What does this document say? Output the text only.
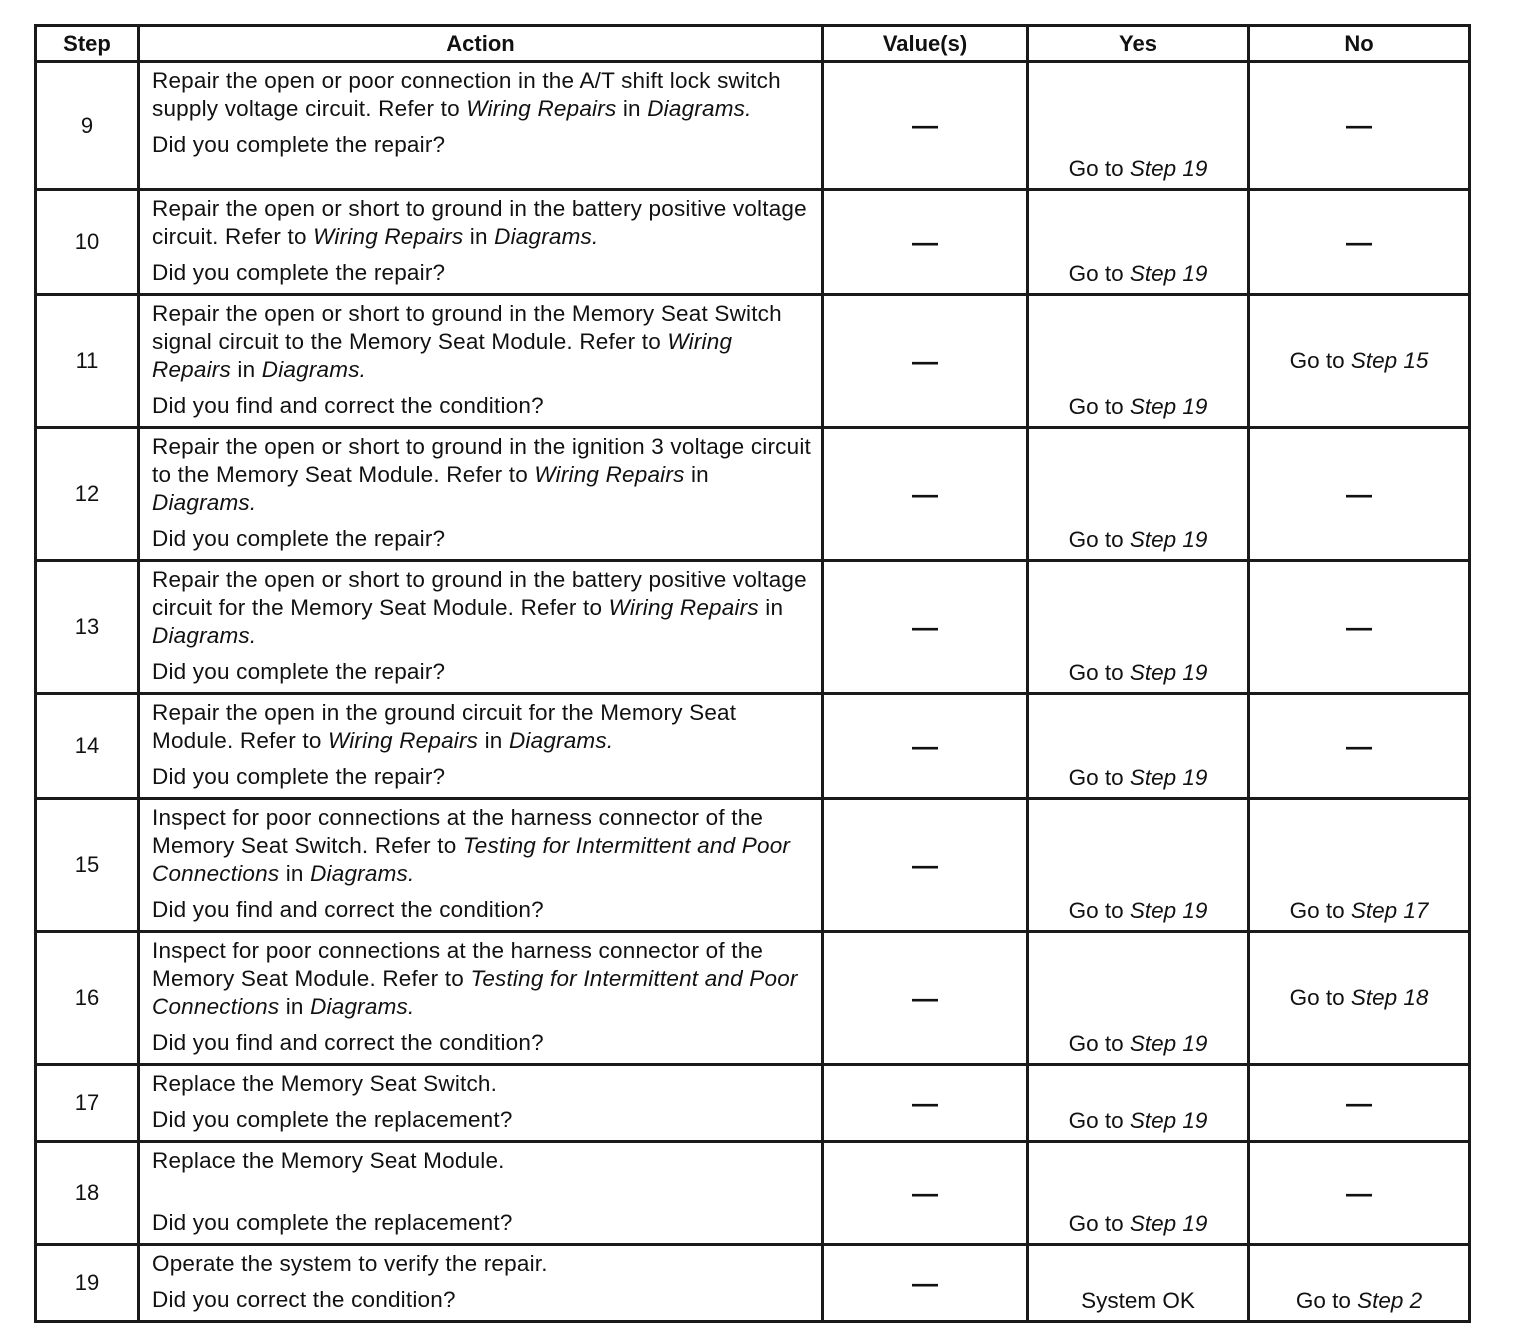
Step	Action	Value(s)	Yes	No
9	Repair the open or poor connection in the A/T shift lock switch supply voltage circuit. Refer to Wiring Repairs in Diagrams.
Did you complete the repair?	—	Go to Step 19	—
10	Repair the open or short to ground in the battery positive voltage circuit. Refer to Wiring Repairs in Diagrams.
Did you complete the repair?	—	Go to Step 19	—
11	Repair the open or short to ground in the Memory Seat Switch signal circuit to the Memory Seat Module. Refer to Wiring Repairs in Diagrams.
Did you find and correct the condition?	—	Go to Step 19	Go to Step 15
12	Repair the open or short to ground in the ignition 3 voltage circuit to the Memory Seat Module. Refer to Wiring Repairs in Diagrams.
Did you complete the repair?	—	Go to Step 19	—
13	Repair the open or short to ground in the battery positive voltage circuit for the Memory Seat Module. Refer to Wiring Repairs in Diagrams.
Did you complete the repair?	—	Go to Step 19	—
14	Repair the open in the ground circuit for the Memory Seat Module. Refer to Wiring Repairs in Diagrams.
Did you complete the repair?	—	Go to Step 19	—
15	Inspect for poor connections at the harness connector of the Memory Seat Switch. Refer to Testing for Intermittent and Poor Connections in Diagrams.
Did you find and correct the condition?	—	Go to Step 19	Go to Step 17
16	Inspect for poor connections at the harness connector of the Memory Seat Module. Refer to Testing for Intermittent and Poor Connections in Diagrams.
Did you find and correct the condition?	—	Go to Step 19	Go to Step 18
17	Replace the Memory Seat Switch.
Did you complete the replacement?	—	Go to Step 19	—
18	Replace the Memory Seat Module.
Did you complete the replacement?	—	Go to Step 19	—
19	Operate the system to verify the repair.
Did you correct the condition?	—	System OK	Go to Step 2
